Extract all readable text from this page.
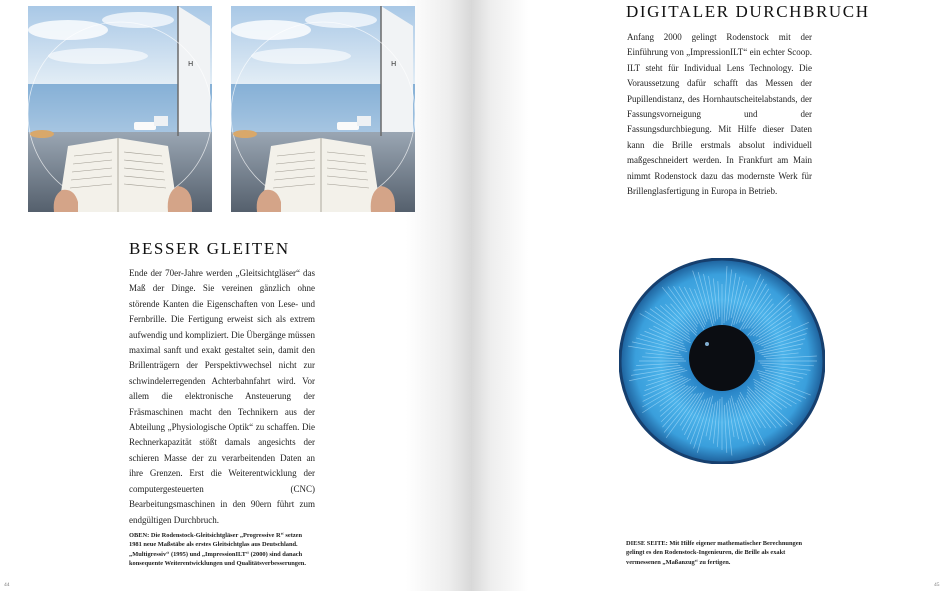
H	H
BESSER GLEITEN

Ende der 70er-Jahre werden „Gleitsichtgläser“ das Maß der Dinge. Sie vereinen gänzlich ohne störende Kanten die Eigenschaften von Lese- und Fernbrille. Die Fertigung erweist sich als extrem aufwendig und kompliziert. Die Übergänge müssen maximal sanft und exakt gestaltet sein, damit den Brillenträgern der Perspektivwechsel nicht zur schwindelerregenden Achterbahnfahrt wird. Vor allem die elektronische Ansteuerung der Fräsmaschinen macht den Technikern aus der Abteilung „Physiologische Optik“ zu schaffen. Die Rechnerkapazität stößt damals angesichts der schieren Masse der zu verarbeitenden Daten an ihre Grenzen. Erst die Weiterentwicklung der computergesteuerten (CNC) Bearbeitungsmaschinen in den 90ern führt zum endgültigen Durchbruch.

OBEN: Die Rodenstock-Gleitsichtgläser „Progressive R“ setzen 1981 neue Maßstäbe als erstes Gleitsichtglas aus Deutschland. „Multigressiv“ (1995) und „ImpressionILT“ (2000) sind danach konsequente Weiterentwicklungen und Qualitätsverbesserungen.

44
DIGITALER DURCHBRUCH

Anfang 2000 gelingt Rodenstock mit der Einführung von „ImpressionILT“ ein echter Scoop. ILT steht für Individual Lens Technology. Die Voraussetzung dafür schafft das Messen der Pupillendistanz, des Hornhautscheitelabstands, der Fassungsvorneigung und der Fassungsdurchbiegung. Mit Hilfe dieser Daten kann die Brille erstmals absolut individuell maßgeschneidert werden. In Frankfurt am Main nimmt Rodenstock dazu das modernste Werk für Brillenglasfertigung in Europa in Betrieb.

DIESE SEITE: Mit Hilfe eigener mathematischer Berechnungen gelingt es den Rodenstock-Ingenieuren, die Brille als exakt vermessenen „Maßanzug“ zu fertigen.

45
